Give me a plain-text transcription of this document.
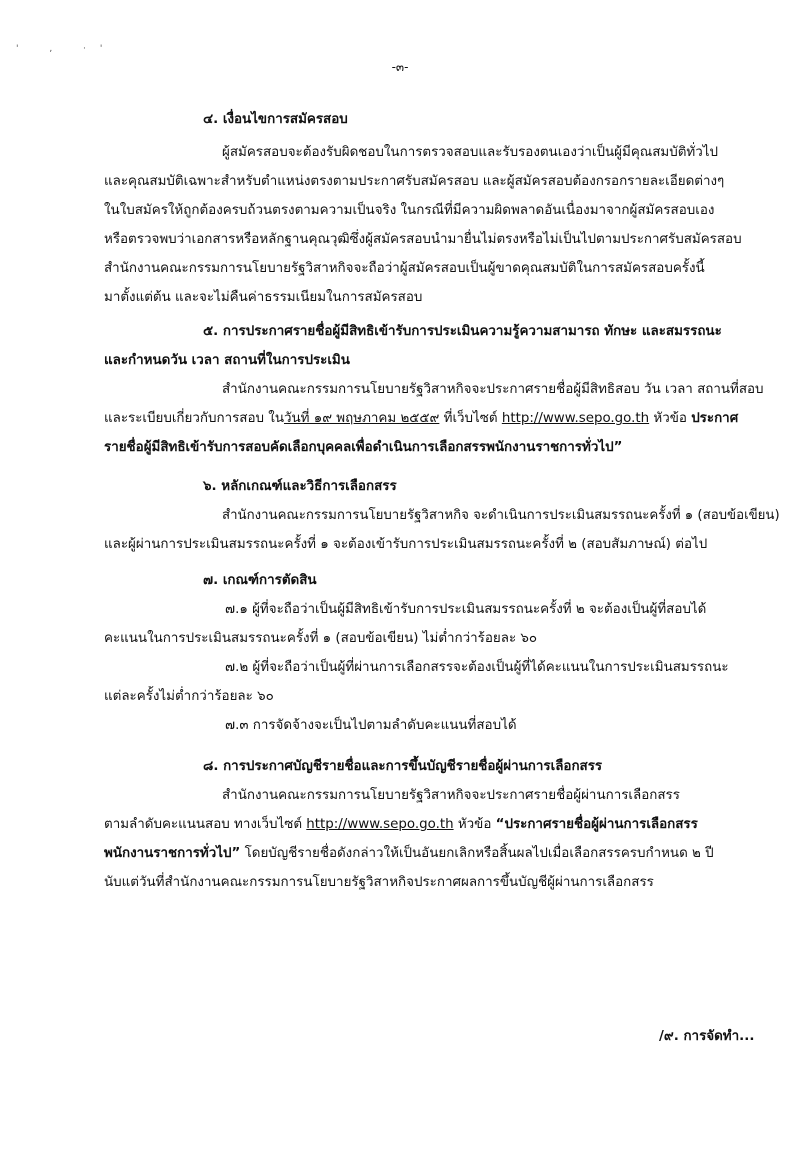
' , ·'
-๓-
๔. เงื่อนไขการสมัครสอบ
ผู้สมัครสอบจะต้องรับผิดชอบในการตรวจสอบและรับรองตนเองว่าเป็นผู้มีคุณสมบัติทั่วไป
และคุณสมบัติเฉพาะสำหรับตำแหน่งตรงตามประกาศรับสมัครสอบ และผู้สมัครสอบต้องกรอกรายละเอียดต่างๆ
ในใบสมัครให้ถูกต้องครบถ้วนตรงตามความเป็นจริง ในกรณีที่มีความผิดพลาดอันเนื่องมาจากผู้สมัครสอบเอง
หรือตรวจพบว่าเอกสารหรือหลักฐานคุณวุฒิซึ่งผู้สมัครสอบนำมายื่นไม่ตรงหรือไม่เป็นไปตามประกาศรับสมัครสอบ
สำนักงานคณะกรรมการนโยบายรัฐวิสาหกิจจะถือว่าผู้สมัครสอบเป็นผู้ขาดคุณสมบัติในการสมัครสอบครั้งนี้
มาตั้งแต่ต้น และจะไม่คืนค่าธรรมเนียมในการสมัครสอบ
๕. การประกาศรายชื่อผู้มีสิทธิเข้ารับการประเมินความรู้ความสามารถ ทักษะ และสมรรถนะ
และกำหนดวัน เวลา สถานที่ในการประเมิน
สำนักงานคณะกรรมการนโยบายรัฐวิสาหกิจจะประกาศรายชื่อผู้มีสิทธิสอบ วัน เวลา สถานที่สอบ
และระเบียบเกี่ยวกับการสอบ ในวันที่ ๑๙ พฤษภาคม ๒๕๕๙ ที่เว็บไซต์ http://www.sepo.go.th หัวข้อ ประกาศ
รายชื่อผู้มีสิทธิเข้ารับการสอบคัดเลือกบุคคลเพื่อดำเนินการเลือกสรรพนักงานราชการทั่วไป”
๖. หลักเกณฑ์และวิธีการเลือกสรร
สำนักงานคณะกรรมการนโยบายรัฐวิสาหกิจ จะดำเนินการประเมินสมรรถนะครั้งที่ ๑ (สอบข้อเขียน)
และผู้ผ่านการประเมินสมรรถนะครั้งที่ ๑ จะต้องเข้ารับการประเมินสมรรถนะครั้งที่ ๒ (สอบสัมภาษณ์) ต่อไป
๗. เกณฑ์การตัดสิน
๗.๑ ผู้ที่จะถือว่าเป็นผู้มีสิทธิเข้ารับการประเมินสมรรถนะครั้งที่ ๒ จะต้องเป็นผู้ที่สอบได้
คะแนนในการประเมินสมรรถนะครั้งที่ ๑ (สอบข้อเขียน) ไม่ต่ำกว่าร้อยละ ๖๐
๗.๒ ผู้ที่จะถือว่าเป็นผู้ที่ผ่านการเลือกสรรจะต้องเป็นผู้ที่ได้คะแนนในการประเมินสมรรถนะ
แต่ละครั้งไม่ต่ำกว่าร้อยละ ๖๐
๗.๓ การจัดจ้างจะเป็นไปตามลำดับคะแนนที่สอบได้
๘. การประกาศบัญชีรายชื่อและการขึ้นบัญชีรายชื่อผู้ผ่านการเลือกสรร
สำนักงานคณะกรรมการนโยบายรัฐวิสาหกิจจะประกาศรายชื่อผู้ผ่านการเลือกสรร
ตามลำดับคะแนนสอบ ทางเว็บไซต์ http://www.sepo.go.th หัวข้อ “ประกาศรายชื่อผู้ผ่านการเลือกสรร
พนักงานราชการทั่วไป” โดยบัญชีรายชื่อดังกล่าวให้เป็นอันยกเลิกหรือสิ้นผลไปเมื่อเลือกสรรครบกำหนด ๒ ปี
นับแต่วันที่สำนักงานคณะกรรมการนโยบายรัฐวิสาหกิจประกาศผลการขึ้นบัญชีผู้ผ่านการเลือกสรร
/๙. การจัดทำ...
